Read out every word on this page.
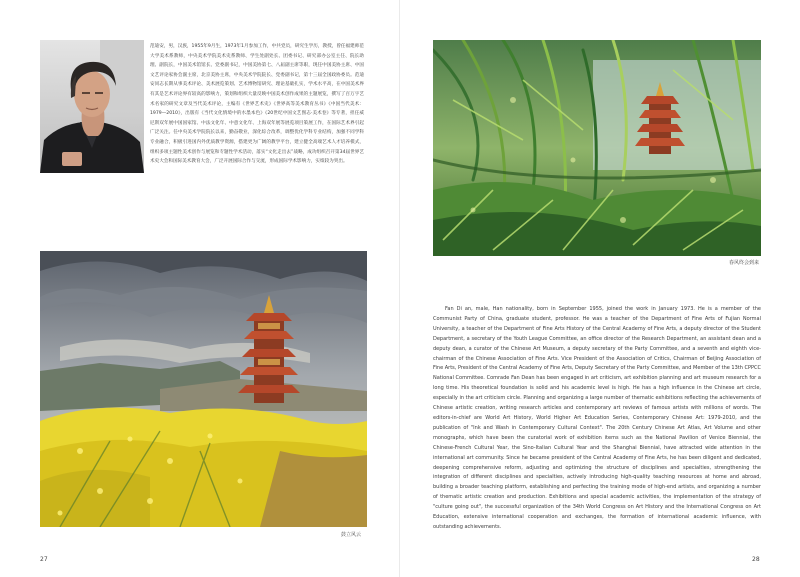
范迪安，男，汉族，1955年9月生，1973年1月参加工作，中共党员，研究生学历，教授，曾任福建师范大学美术系教师，中央美术学院美术史系教师、学生处副处长、团委书记、研究部办公室主任、院长助理、副院长，中国美术馆馆长、党委副书记，中国美协第七、八届副主席等职，现任中国美协主席、中国文艺评论家协会副主席，北京美协主席，中央美术学院院长、党委副书记，第十三届全国政协委员。范迪安同志长期从事美术评论、美术展览策划、艺术博物馆研究、理论基础扎实，学术水平高，在中国美术界有其是艺术评论界有较高的影响力，策划和组织大量反映中国美术创作成果的主题展览，撰写了百万字艺术名家的研究文章及当代美术评论，主编有《世界艺术史》《世界高等美术教育丛书》《中国当代美术：1979—2010》，出版有《当代文化情境中的水墨本色》《20世纪中国文艺图志·美术卷》等专著，担任威尼斯双年展中国国家馆、中法文化年、中意文化年、上海双年展等展览项目策展工作，在国际艺术界引起广泛关注。任中央美术学院院长以来，勤奋敬业，深化综合改革，调整优化学科专业结构，加强不同学科专业融合，积极引进国内外优质教学资源，搭建更为广阔的教学平台，建立健全高端艺术人才培养模式，组织多项主题性美术创作与展览和专题性学术活动，落实“文化走出去”战略，成功组织召开第34届世界艺术史大会和国际美术教育大会，广泛开展国际合作与交流，形成国际学术影响力，实绩较为突出。

鼓立风云
27
春风终会到来

Fan Di an, male, Han nationality, born in September 1955, joined the work in January 1973. He is a member of the Communist Party of China, graduate student, professor. He was a teacher of the Department of Fine Arts of Fujian Normal University, a teacher of the Department of Fine Arts History of the Central Academy of Fine Arts, a deputy director of the Student Department, a secretary of the Youth League Committee, an office director of the Research Department, an assistant dean and a deputy dean, a curator of the Chinese Art Museum, a deputy secretary of the Party Committee, and a seventh and eighth vice-chairman of the Chinese Association of Fine Arts. Vice President of the Association of Critics, Chairman of Beijing Association of Fine Arts, President of the Central Academy of Fine Arts, Deputy Secretary of the Party Committee, and Member of the 13th CPPCC National Committee. Comrade Fan Dean has been engaged in art criticism, art exhibition planning and art museum research for a long time. His theoretical foundation is solid and his academic level is high. He has a high influence in the Chinese art circle, especially in the art criticism circle. Planning and organizing a large number of thematic exhibitions reflecting the achievements of Chinese artistic creation, writing research articles and contemporary art reviews of famous artists with millions of words. The editors-in-chief are World Art History, World Higher Art Education Series, Contemporary Chinese Art: 1979-2010, and the publication of "Ink and Wash in Contemporary Cultural Context". The 20th Century Chinese Art Atlas, Art Volume and other monographs, which have been the curatorial work of exhibition items such as the National Pavilion of Venice Biennial, the Chinese-French Cultural Year, the Sino-Italian Cultural Year and the Shanghai Biennial, have attracted wide attention in the international art community. Since he became president of the Central Academy of Fine Arts, he has been diligent and dedicated, deepening comprehensive reform, adjusting and optimizing the structure of disciplines and specialties, strengthening the integration of different disciplines and specialties, actively introducing high-quality teaching resources at home and abroad, building a broader teaching platform, establishing and perfecting the training mode of high-end artists, and organizing a number of thematic artistic creation and production. Exhibitions and special academic activities, the implementation of the strategy of "culture going out", the successful organization of the 34th World Congress on Art History and the International Congress on Art Education, extensive international cooperation and exchanges, the formation of international academic influence, with outstanding achievements.

28
